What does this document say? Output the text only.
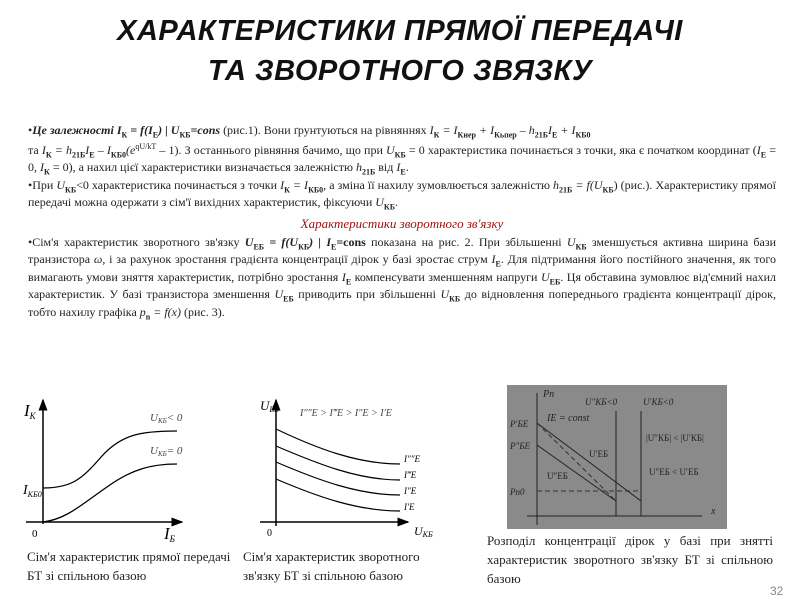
ХАРАКТЕРИСТИКИ ПРЯМОЇ ПЕРЕДАЧІ
ТА ЗВОРОТНОГО ЗВЯЗКУ
•Це залежності $I_К = f(I_Е)$ | $U_{КБ}=cons$ (рис.1). Вони ґрунтуються на рівняннях $I_К = I_{Кнер} + I_{Кьпер} - h_{21Б}I_Е + I_{КБ0}$
та $I_К = h_{21Б}I_Е - I_{КБ0}(e^{qU/kT} - 1)$. З останнього рівняння бачимо, що при $U_{КБ} = 0$ характеристика починається з точки, яка є початком координат ($I_Е = 0$, $I_К = 0$), а нахил цієї характеристики визначається залежністю $h_{21Б}$ від $I_Е$.
•При $U_{КБ}<0$ характеристика починається з точки $I_К = I_{КБ0}$, а зміна її нахилу зумовлюється залежністю $h_{21Б} = f(U_{КБ})$ (рис.). Характеристику прямої передачі можна одержати з сім'ї вихідних характеристик, фіксуючи $U_{КБ}$.
Характеристики зворотного зв'язку
•Сім'я характеристик зворотного зв'язку $U_{ЕБ} = f(U_{КБ})$ | $I_Е=cons$ показана на рис. 2. При збільшенні $U_{КБ}$ зменшується активна ширина бази транзистора ω, і за рахунок зростання градієнта концентрації дірок у базі зростає струм $I_Е$. Для підтримання його постійного значення, як того вимагають умови зняття характеристик, потрібно зростання $I_Е$ компенсувати зменшенням напруги $U_{ЕБ}$. Ця обставина зумовлює від'ємний нахил характеристик. У базі транзистора зменшення $U_{ЕБ}$ приводить при збільшенні $U_{КБ}$ до відновлення попереднього градієнта концентрації дірок, тобто нахилу графіка $p_n = f(x)$ (рис. 3).
IК
$I_{КБ0}$
0	IБ
UКБ< 0
UКБ= 0
UЕБ I″″Е > I‴Е > I″Е > I′Е
I″″Е
I‴Е
I″Е
I′Е
0	UКБ
Pn
P′БЕ
P″БЕ
Pn0
IЕ = const
U″КБ<0	U′КБ<0
|U″КБ| < |U′КБ|
U″ЕБ < U′ЕБ
U′ЕБ
U″ЕБ
x
Сім'я характеристик прямої передачі БТ зі спільною базою
Сім'я характеристик зворотного зв'язку БТ зі спільною базою
Розподіл концентрації дірок у базі при знятті характеристик зворотного зв'язку БТ зі спільною базою
32
